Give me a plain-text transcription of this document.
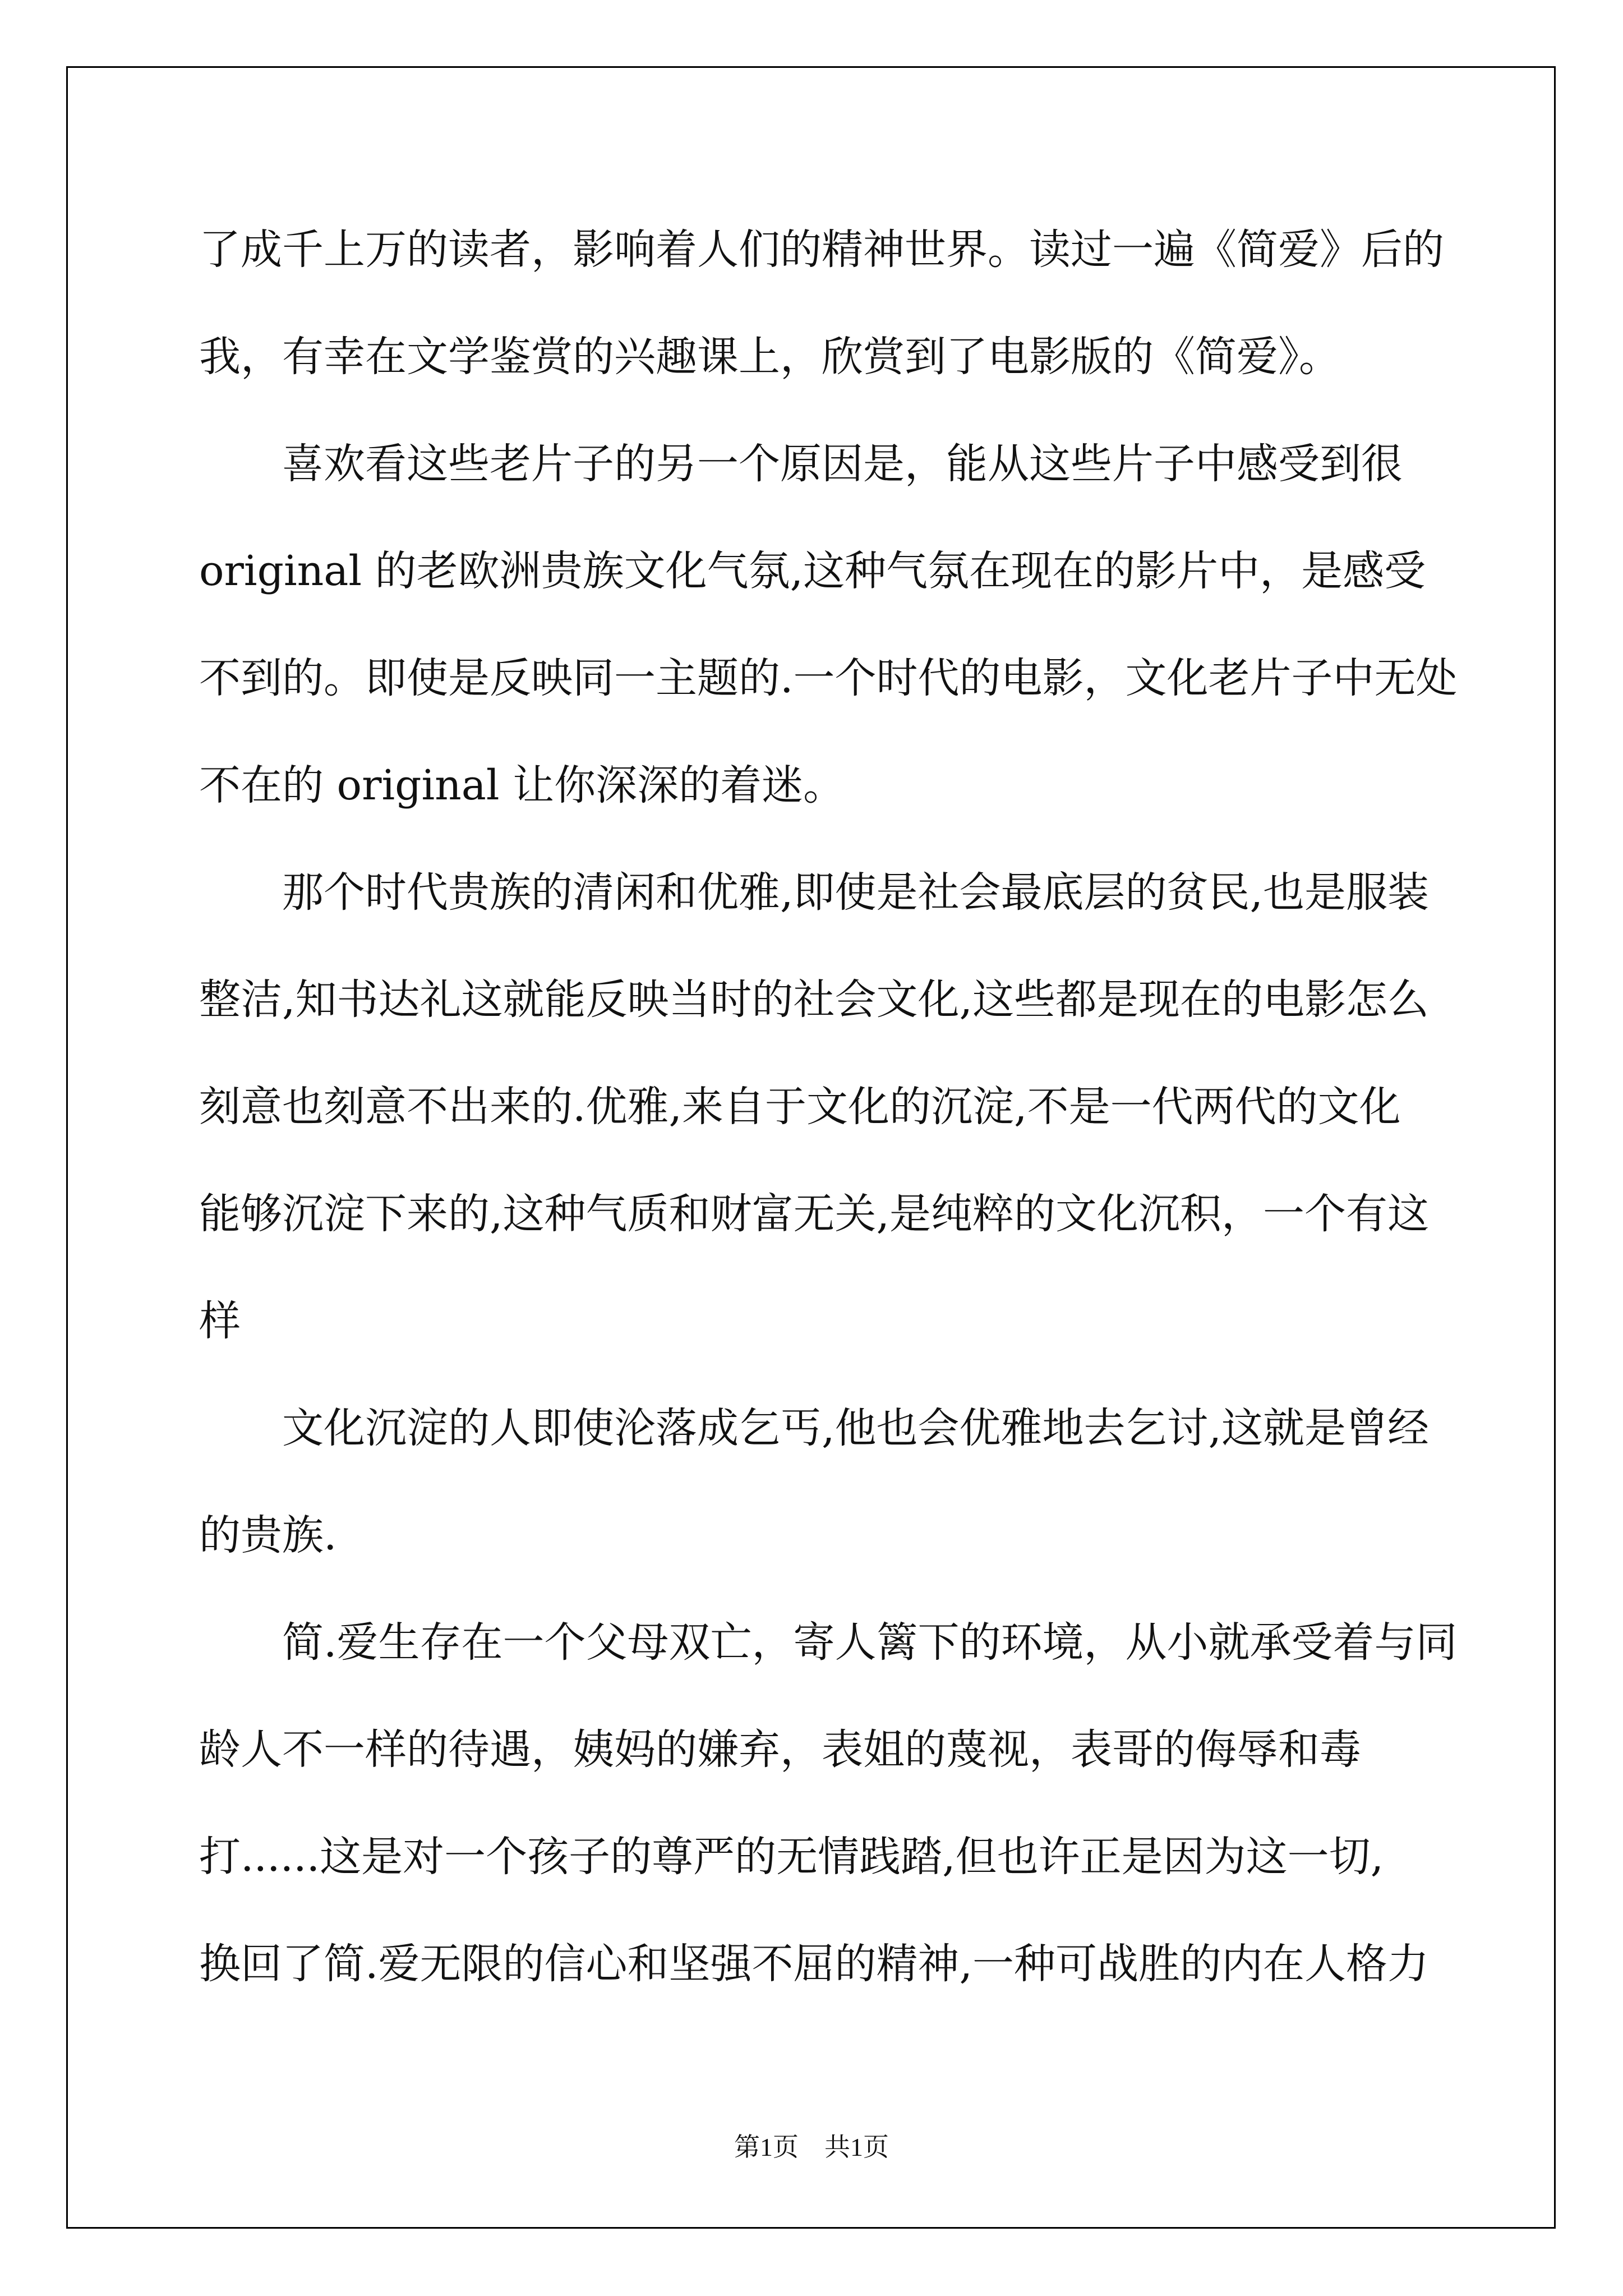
了成千上万的读者，影响着人们的精神世界。读过一遍《简爱》后的

我，有幸在文学鉴赏的兴趣课上，欣赏到了电影版的《简爱》。

　　喜欢看这些老片子的另一个原因是，能从这些片子中感受到很

original 的老欧洲贵族文化气氛,这种气氛在现在的影片中，是感受

不到的。即使是反映同一主题的.一个时代的电影，文化老片子中无处

不在的 original 让你深深的着迷。

　　那个时代贵族的清闲和优雅,即使是社会最底层的贫民,也是服装

整洁,知书达礼这就能反映当时的社会文化,这些都是现在的电影怎么

刻意也刻意不出来的.优雅,来自于文化的沉淀,不是一代两代的文化

能够沉淀下来的,这种气质和财富无关,是纯粹的文化沉积，一个有这

样

　　文化沉淀的人即使沦落成乞丐,他也会优雅地去乞讨,这就是曾经

的贵族.

　　简.爱生存在一个父母双亡，寄人篱下的环境，从小就承受着与同

龄人不一样的待遇，姨妈的嫌弃，表姐的蔑视，表哥的侮辱和毒

打......这是对一个孩子的尊严的无情践踏,但也许正是因为这一切,

换回了简.爱无限的信心和坚强不屈的精神,一种可战胜的内在人格力

第1页　共1页
